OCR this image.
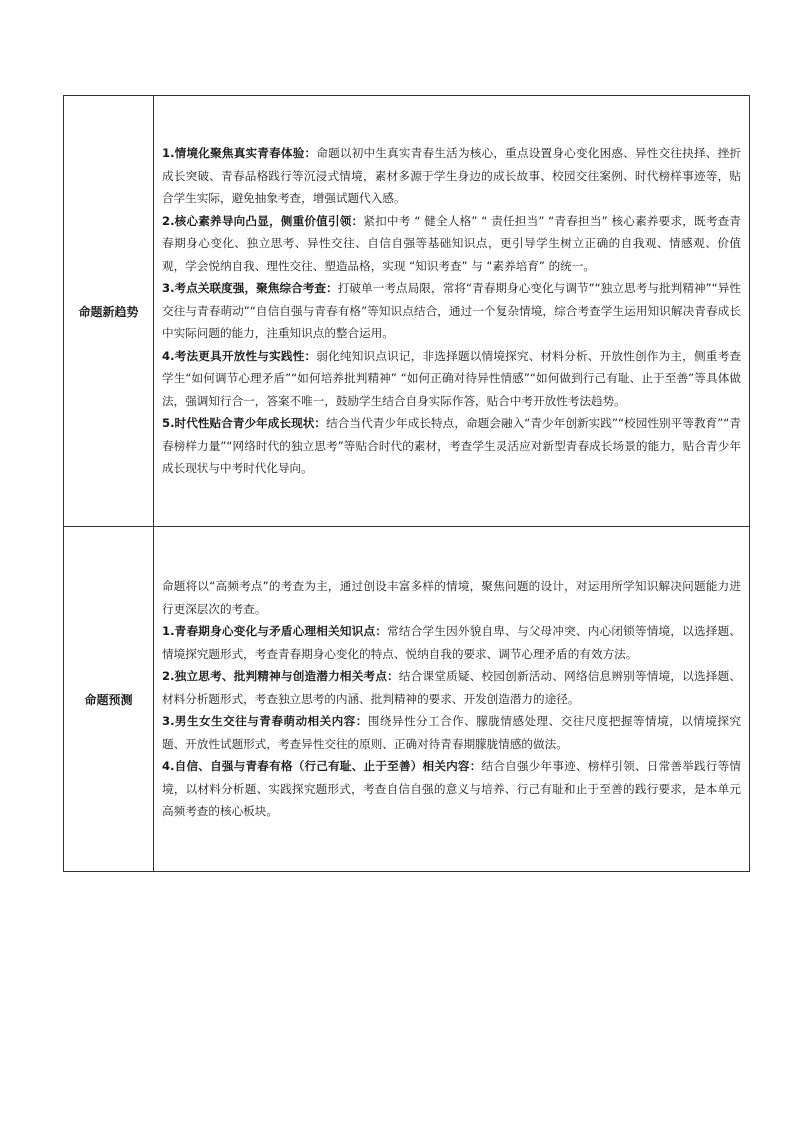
命题新趋势	1.情境化聚焦真实青春体验：命题以初中生真实青春生活为核心，重点设置身心变化困惑、异性交往抉择、挫折成长突破、青春品格践行等沉浸式情境，素材多源于学生身边的成长故事、校园交往案例、时代榜样事迹等，贴合学生实际，避免抽象考查，增强试题代入感。

2.核心素养导向凸显，侧重价值引领：紧扣中考 “ 健全人格” “ 责任担当” “青春担当” 核心素养要求，既考查青春期身心变化、独立思考、异性交往、自信自强等基础知识点，更引导学生树立正确的自我观、情感观、价值观，学会悦纳自我、理性交往、塑造品格，实现 “知识考查” 与 “素养培育” 的统一。

3.考点关联度强，聚焦综合考查：打破单一考点局限，常将“青春期身心变化与调节”“独立思考与批判精神”“异性交往与青春萌动”“自信自强与青春有格”等知识点结合，通过一个复杂情境，综合考查学生运用知识解决青春成长中实际问题的能力，注重知识点的整合运用。

4.考法更具开放性与实践性：弱化纯知识点识记，非选择题以情境探究、材料分析、开放性创作为主，侧重考查学生“如何调节心理矛盾”“如何培养批判精神” “如何正确对待异性情感”“如何做到行己有耻、止于至善”等具体做法，强调知行合一，答案不唯一，鼓励学生结合自身实际作答，贴合中考开放性考法趋势。

5.时代性贴合青少年成长现状：结合当代青少年成长特点，命题会融入“青少年创新实践”“校园性别平等教育”“青春榜样力量”“网络时代的独立思考”等贴合时代的素材，考查学生灵活应对新型青春成长场景的能力，贴合青少年成长现状与中考时代化导向。

命题预测	命题将以“高频考点”的考查为主，通过创设丰富多样的情境，聚焦问题的设计，对运用所学知识解决问题能力进行更深层次的考查。

1.青春期身心变化与矛盾心理相关知识点：常结合学生因外貌自卑、与父母冲突、内心闭锁等情境，以选择题、情境探究题形式，考查青春期身心变化的特点、悦纳自我的要求、调节心理矛盾的有效方法。

2.独立思考、批判精神与创造潜力相关考点：结合课堂质疑、校园创新活动、网络信息辨别等情境，以选择题、材料分析题形式，考查独立思考的内涵、批判精神的要求、开发创造潜力的途径。

3.男生女生交往与青春萌动相关内容：围绕异性分工合作、朦胧情感处理、交往尺度把握等情境，以情境探究题、开放性试题形式，考查异性交往的原则、正确对待青春期朦胧情感的做法。

4.自信、自强与青春有格（行己有耻、止于至善）相关内容：结合自强少年事迹、榜样引领、日常善举践行等情境，以材料分析题、实践探究题形式，考查自信自强的意义与培养、行己有耻和止于至善的践行要求，是本单元高频考查的核心板块。
